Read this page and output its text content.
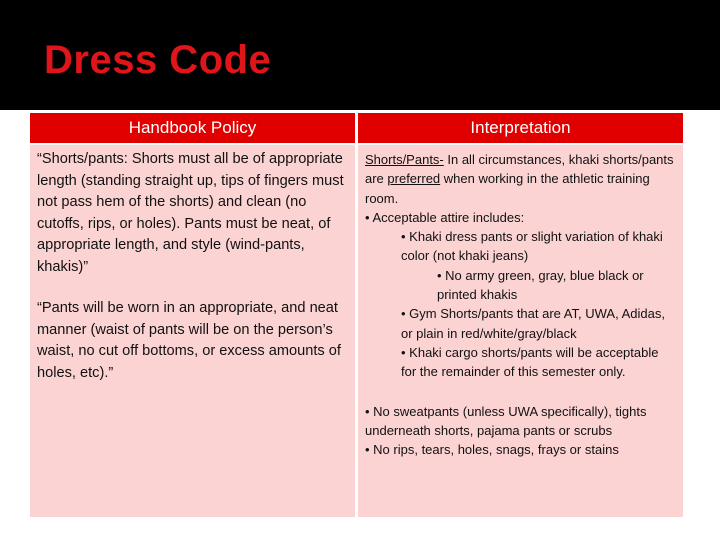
Dress Code
Handbook Policy	Interpretation

“Shorts/pants: Shorts must all be of appropriate length (standing straight up, tips of fingers must not pass hem of the shorts) and clean (no cutoffs, rips, or holes). Pants must be neat, of appropriate length, and style (wind-pants, khakis)”

“Pants will be worn in an appropriate, and neat manner (waist of pants will be on the person’s waist, no cut off bottoms, or excess amounts of holes, etc).”

Shorts/Pants- In all circumstances, khaki shorts/pants are preferred when working in the athletic training room.

• Acceptable attire includes:

• Khaki dress pants or slight variation of khaki color (not khaki jeans)

• No army green, gray, blue black or printed khakis

• Gym Shorts/pants that are AT, UWA, Adidas, or plain in red/white/gray/black

• Khaki cargo shorts/pants will be acceptable for the remainder of this semester only.

• No sweatpants (unless UWA specifically), tights underneath shorts, pajama pants or scrubs

• No rips, tears, holes, snags, frays or stains
